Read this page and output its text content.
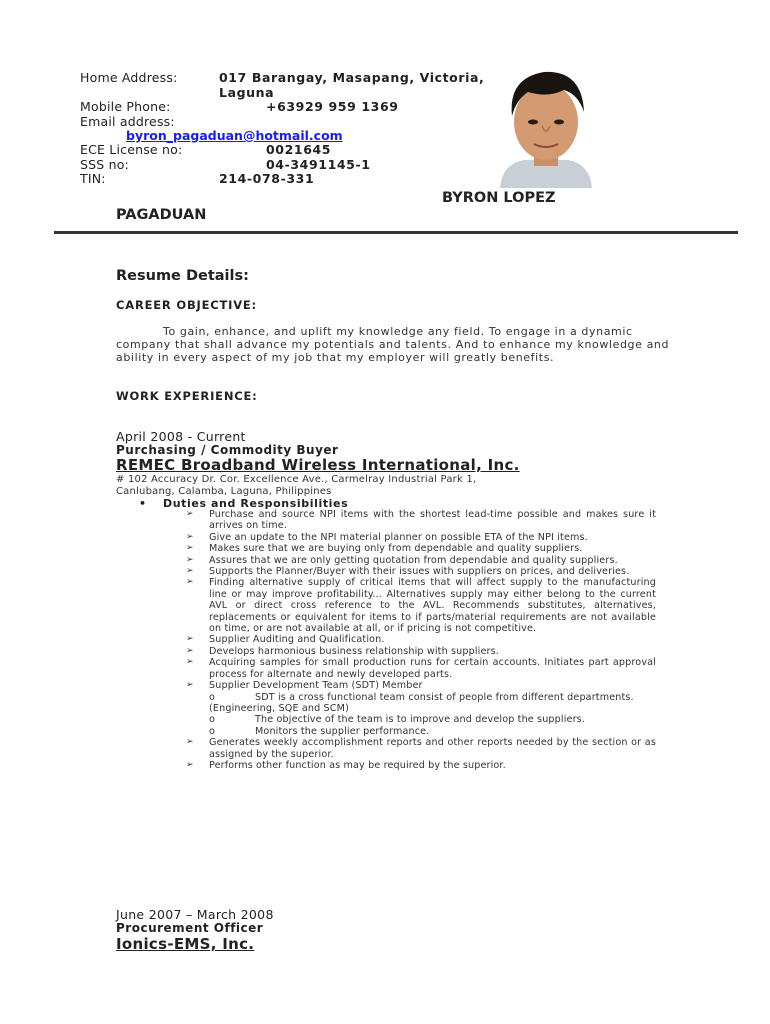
Home Address:	017 Barangay, Masapang, Victoria,
Laguna
Mobile Phone:	+63929 959 1369
Email address:
byron_pagaduan@hotmail.com
ECE License no:	0021645
SSS no:	04-3491145-1
TIN:	214-078-331
BYRON LOPEZ
PAGADUAN
Resume Details:
CAREER OBJECTIVE:
To gain, enhance, and uplift my knowledge any field. To engage in a dynamic
company that shall advance my potentials and talents. And to enhance my knowledge and
ability in every aspect of my job that my employer will greatly benefits.
WORK EXPERIENCE:
April 2008 - Current
Purchasing / Commodity Buyer
REMEC Broadband Wireless International, Inc.
# 102 Accuracy Dr. Cor. Excellence Ave., Carmelray Industrial Park 1,
Canlubang, Calamba, Laguna, Philippines
• Duties and Responsibilities
➢ Purchase and source NPI items with the shortest lead-time possible and makes sure it arrives on time.
➢ Give an update to the NPI material planner on possible ETA of the NPI items.
➢ Makes sure that we are buying only from dependable and quality suppliers.
➢ Assures that we are only getting quotation from dependable and quality suppliers.
➢ Supports the Planner/Buyer with their issues with suppliers on prices, and deliveries.
➢ Finding alternative supply of critical items that will affect supply to the manufacturing line or may improve profitability... Alternatives supply may either belong to the current AVL or direct cross reference to the AVL. Recommends substitutes, alternatives, replacements or equivalent for items to if parts/material requirements are not available on time, or are not available at all, or if pricing is not competitive.
➢ Supplier Auditing and Qualification.
➢ Develops harmonious business relationship with suppliers.
➢ Acquiring samples for small production runs for certain accounts. Initiates part approval process for alternate and newly developed parts.
➢ Supplier Development Team (SDT) Member
o	SDT is a cross functional team consist of people from different departments.
(Engineering, SQE and SCM)
o	The objective of the team is to improve and develop the suppliers.
o	Monitors the supplier performance.
➢ Generates weekly accomplishment reports and other reports needed by the section or as assigned by the superior.
➢ Performs other function as may be required by the superior.
June 2007 – March 2008
Procurement Officer
Ionics-EMS, Inc.
